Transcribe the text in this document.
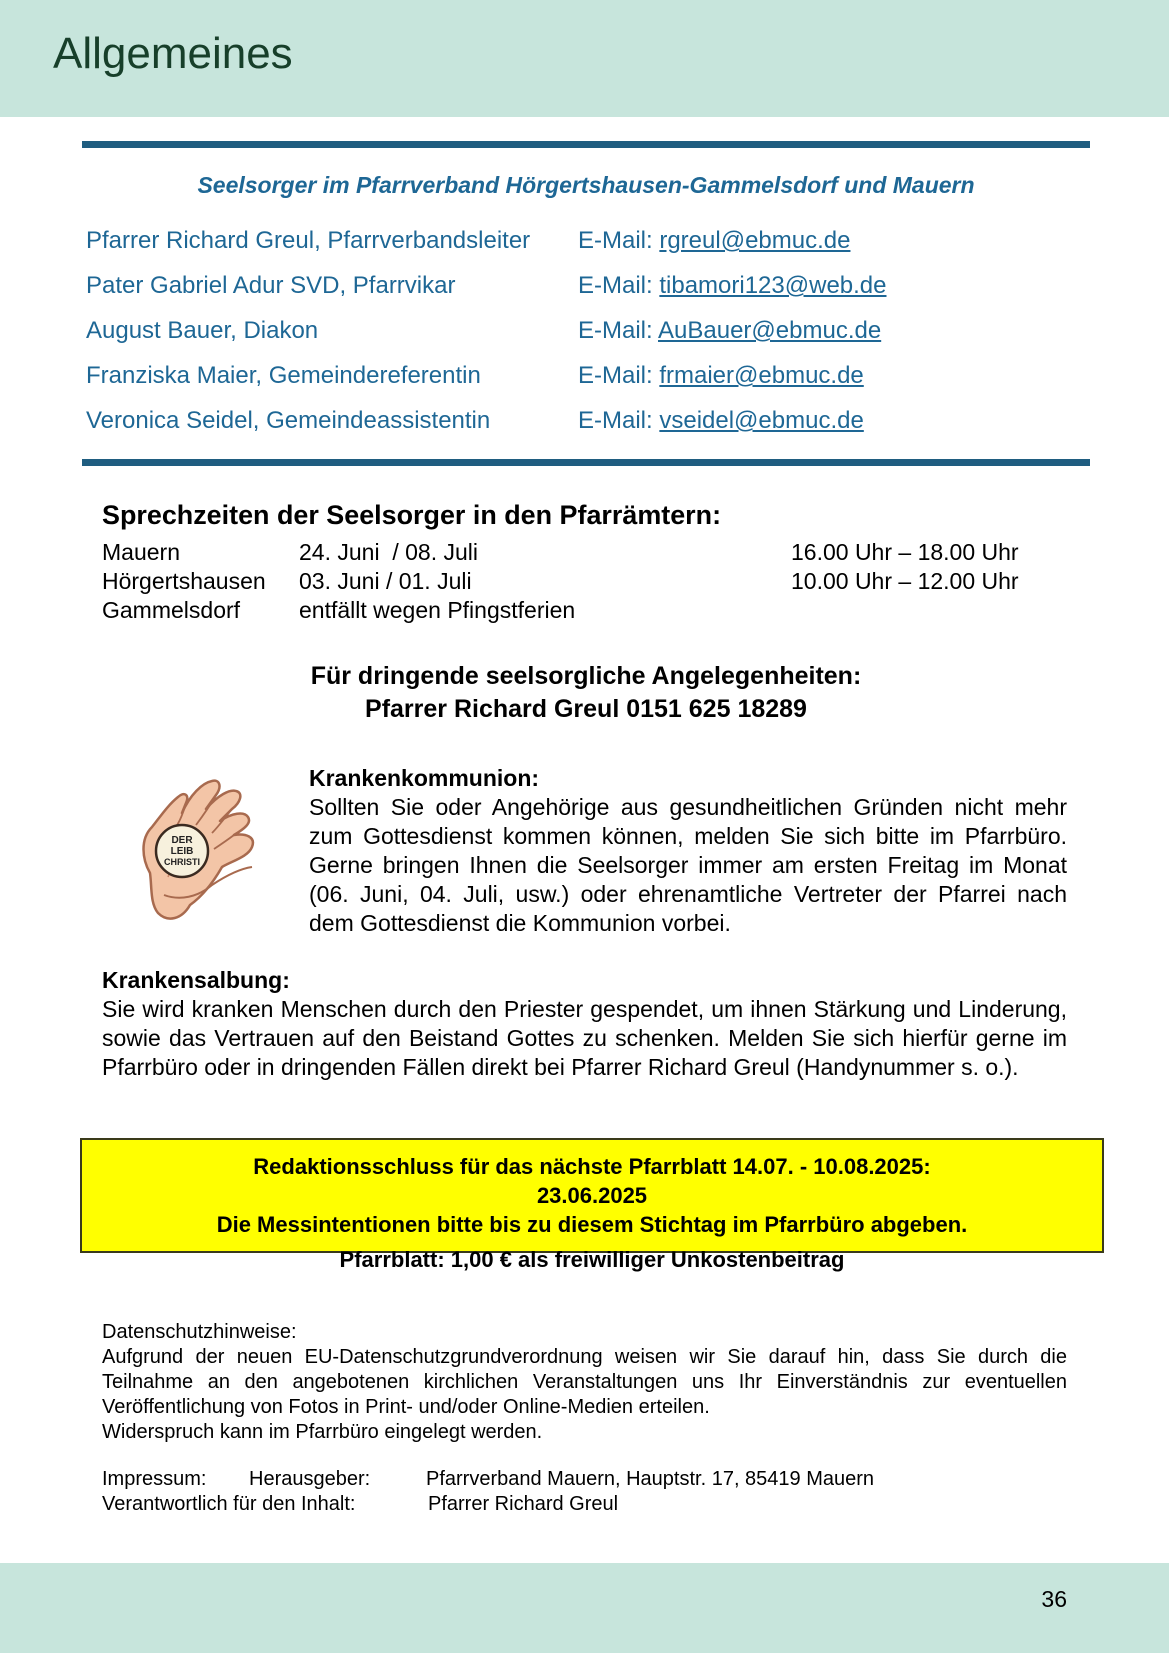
Allgemeines
Seelsorger im Pfarrverband Hörgertshausen-Gammelsdorf und Mauern
Pfarrer Richard Greul, Pfarrverbandsleiter E-Mail: rgreul@ebmuc.de
Pater Gabriel Adur SVD, Pfarrvikar	E-Mail: tibamori123@web.de
August Bauer, Diakon	E-Mail: AuBauer@ebmuc.de
Franziska Maier, Gemeindereferentin	E-Mail: frmaier@ebmuc.de
Veronica Seidel, Gemeindeassistentin	E-Mail: vseidel@ebmuc.de
Sprechzeiten der Seelsorger in den Pfarrämtern:
Mauern	24. Juni  / 08. Juli	16.00 Uhr – 18.00 Uhr
Hörgertshausen 03. Juni / 01. Juli	10.00 Uhr – 12.00 Uhr
Gammelsdorf	entfällt wegen Pfingstferien
Für dringende seelsorgliche Angelegenheiten:
Pfarrer Richard Greul 0151 625 18289
DER
LEIB
CHRISTI
Krankenkommunion:

Sollten Sie oder Angehörige aus gesundheitlichen Gründen nicht mehr zum Gottesdienst kommen können, melden Sie sich bitte im Pfarrbüro. Gerne bringen Ihnen die Seelsorger immer am ersten Freitag im Monat (06. Juni, 04. Juli, usw.) oder ehrenamtliche Vertreter der Pfarrei nach dem Gottesdienst die Kommunion vorbei.

Krankensalbung:

Sie wird kranken Menschen durch den Priester gespendet, um ihnen Stärkung und Linderung, sowie das Vertrauen auf den Beistand Gottes zu schenken. Melden Sie sich hierfür gerne im Pfarrbüro oder in dringenden Fällen direkt bei Pfarrer Richard Greul (Handynummer s. o.).

Redaktionsschluss für das nächste Pfarrblatt 14.07. - 10.08.2025:
23.06.2025
Die Messintentionen bitte bis zu diesem Stichtag im Pfarrbüro abgeben.
Pfarrblatt: 1,00 € als freiwilliger Unkostenbeitrag

Datenschutzhinweise:

Aufgrund der neuen EU-Datenschutzgrundverordnung weisen wir Sie darauf hin, dass Sie durch die Teilnahme an den angebotenen kirchlichen Veranstaltungen uns Ihr Einverständnis zur eventuellen Veröffentlichung von Fotos in Print- und/oder Online-Medien erteilen.

Widerspruch kann im Pfarrbüro eingelegt werden.

Impressum: Herausgeber:	Pfarrverband Mauern, Hauptstr. 17, 85419 Mauern
Verantwortlich für den Inhalt:	Pfarrer Richard Greul
36
